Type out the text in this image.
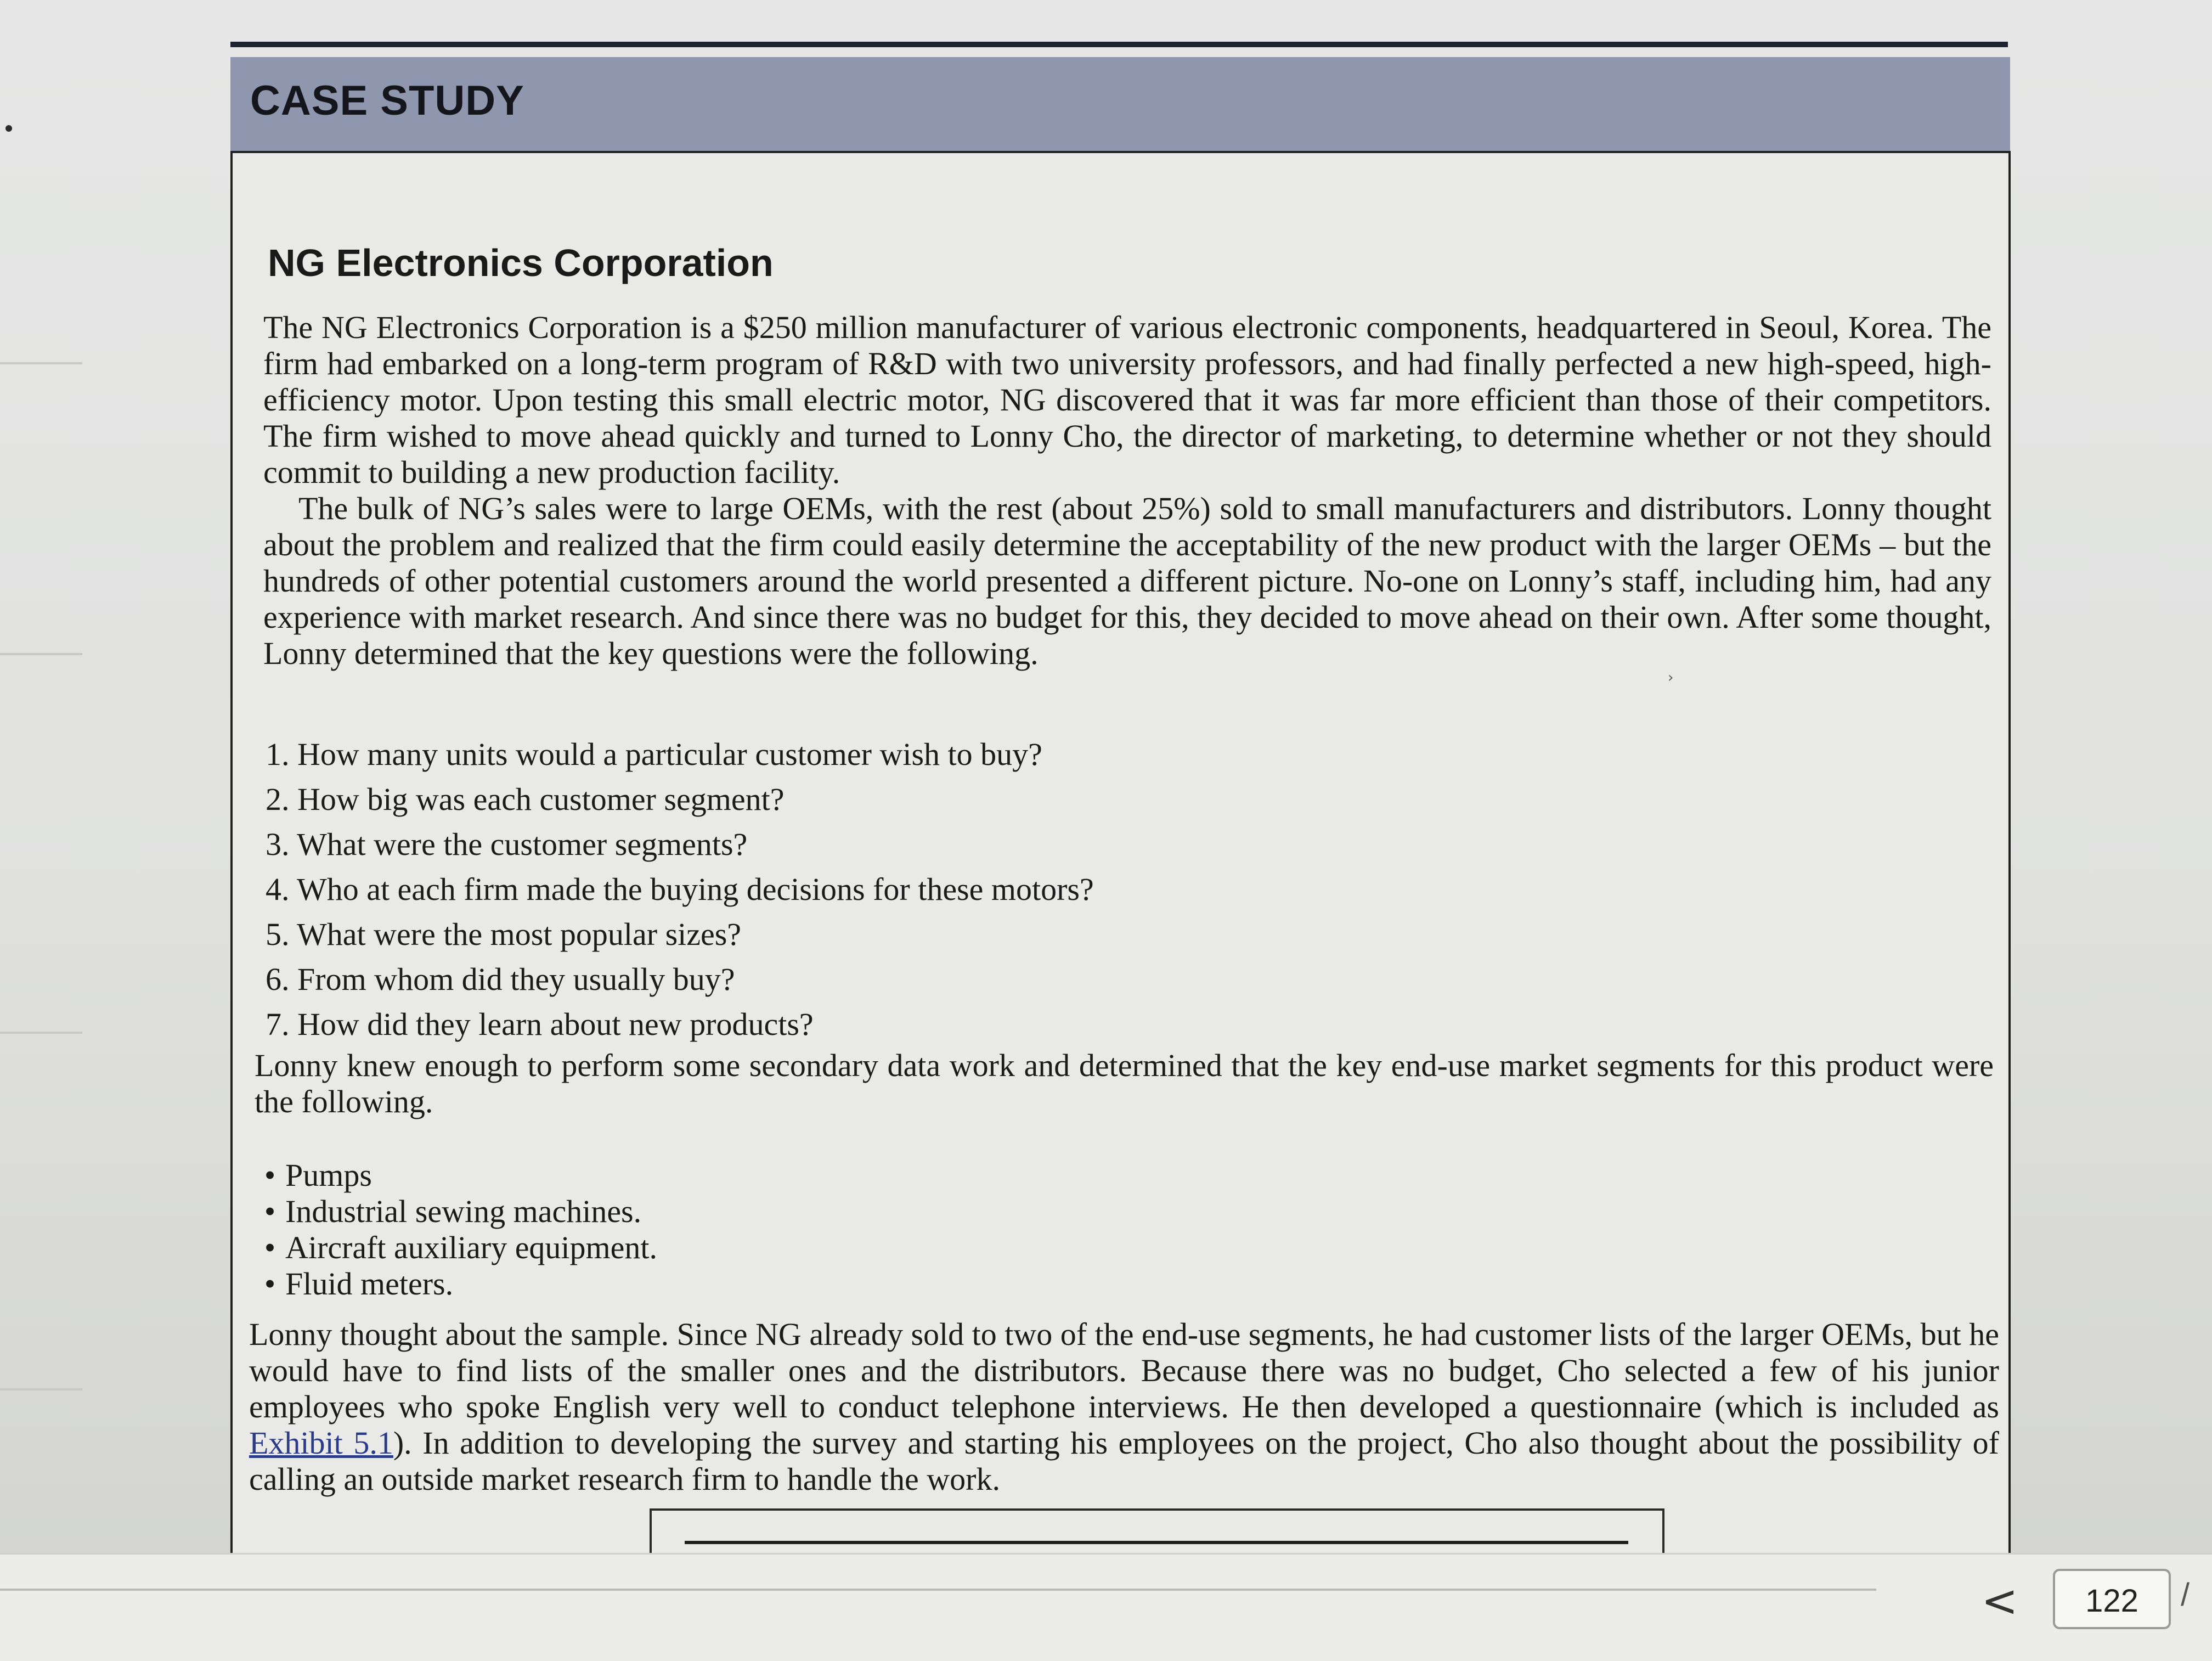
CASE STUDY
NG Electronics Corporation
The NG Electronics Corporation is a $250 million manufacturer of various electronic components, headquartered in Seoul, Korea. The firm had embarked on a long-term program of R&D with two university professors, and had finally perfected a new high-speed, high-efficiency motor. Upon testing this small electric motor, NG discovered that it was far more efficient than those of their competitors. The firm wished to move ahead quickly and turned to Lonny Cho, the director of marketing, to determine whether or not they should commit to building a new production facility.
The bulk of NG’s sales were to large OEMs, with the rest (about 25%) sold to small manufacturers and distributors. Lonny thought about the problem and realized that the firm could easily determine the acceptability of the new product with the larger OEMs – but the hundreds of other potential customers around the world presented a different picture. No-one on Lonny’s staff, including him, had any experience with market research. And since there was no budget for this, they decided to move ahead on their own. After some thought, Lonny determined that the key questions were the following.
1. How many units would a particular customer wish to buy?
2. How big was each customer segment?
3. What were the customer segments?
4. Who at each firm made the buying decisions for these motors?
5. What were the most popular sizes?
6. From whom did they usually buy?
7. How did they learn about new products?
Lonny knew enough to perform some secondary data work and determined that the key end-use market segments for this product were the following.
• Pumps
• Industrial sewing machines.
• Aircraft auxiliary equipment.
• Fluid meters.
Lonny thought about the sample. Since NG already sold to two of the end-use segments, he had customer lists of the larger OEMs, but he would have to find lists of the smaller ones and the distributors. Because there was no budget, Cho selected a few of his junior employees who spoke English very well to conduct telephone interviews. He then developed a questionnaire (which is included as Exhibit 5.1). In addition to developing the survey and starting his employees on the project, Cho also thought about the possibility of calling an outside market research firm to handle the work.
›
<	122	/
